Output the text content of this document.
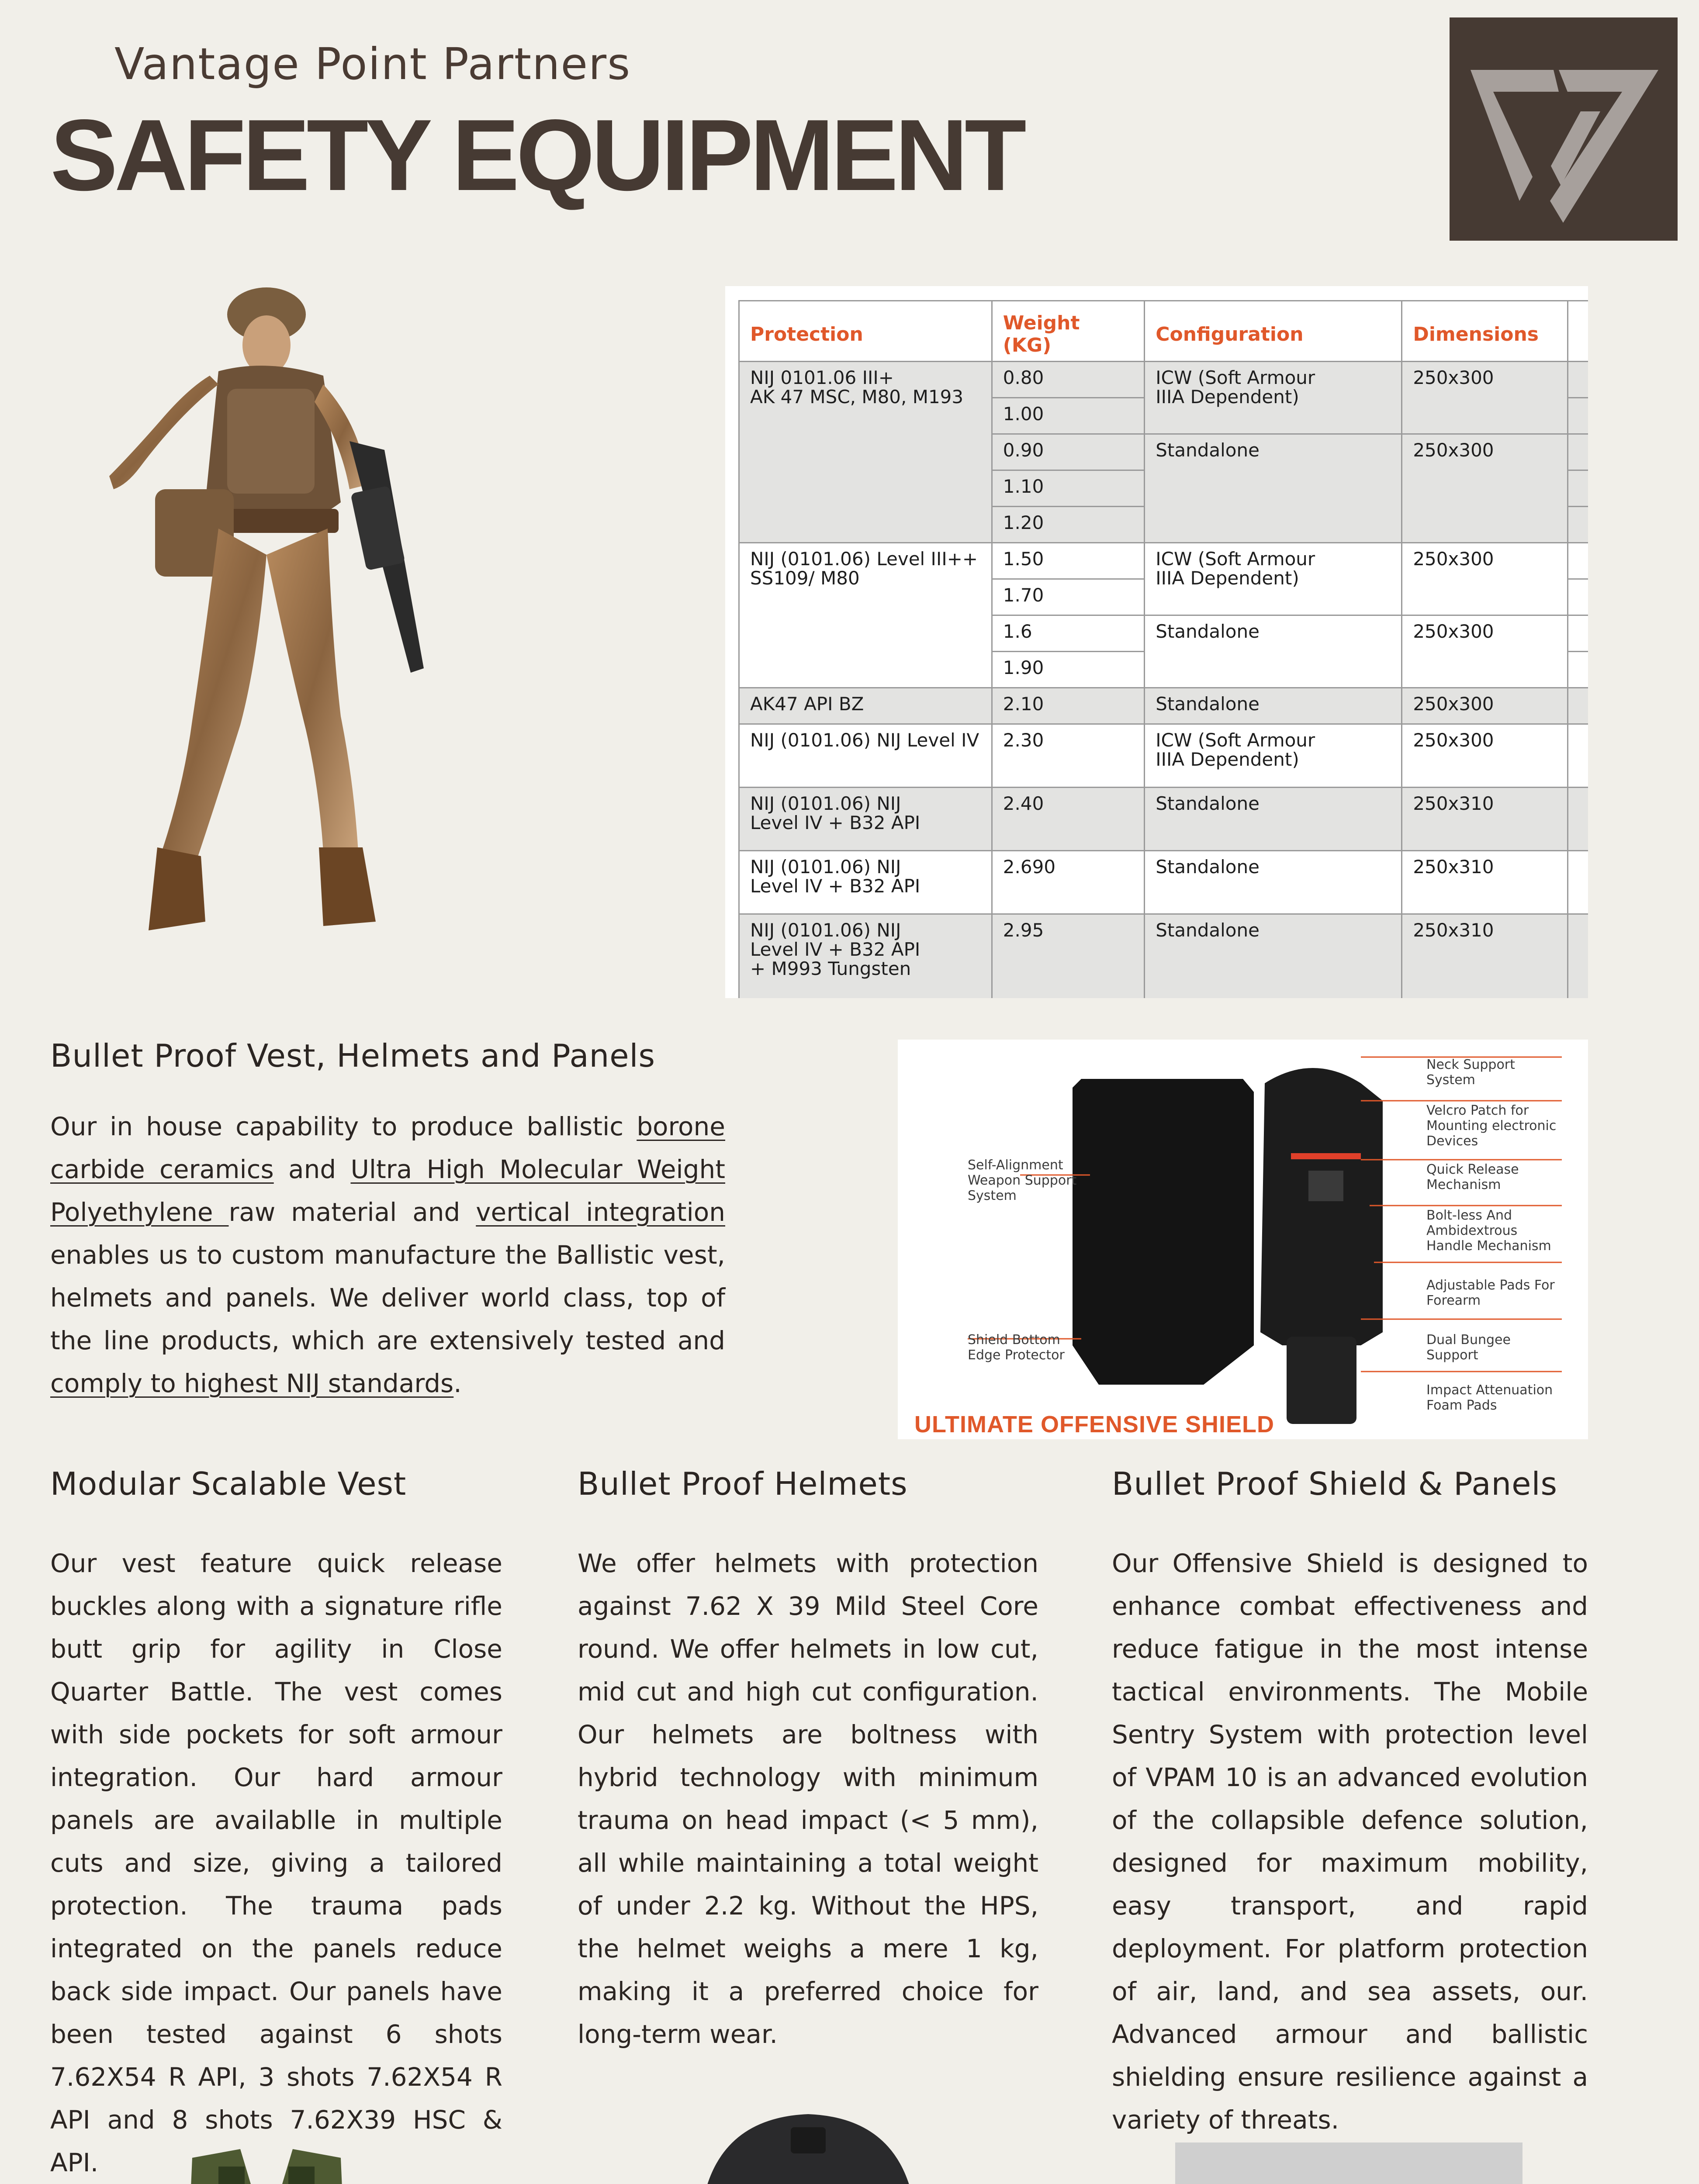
Vantage Point Partners
SAFETY EQUIPMENT
Protection	Weight (KG)	Configuration	Dimensions	
NIJ 0101.06 III+
AK 47 MSC, M80, M193	0.80	ICW (Soft Armour
IIIA Dependent)	250x300	
	1.00			
	0.90	Standalone	250x300	
	1.10			
	1.20			
NIJ (0101.06) Level III++
SS109/ M80	1.50	ICW (Soft Armour
IIIA Dependent)	250x300	
	1.70			
	1.6	Standalone	250x300	
	1.90			
AK47 API BZ	2.10	Standalone	250x300	
NIJ (0101.06) NIJ Level IV	2.30	ICW (Soft Armour
IIIA Dependent)	250x300	
NIJ (0101.06) NIJ
Level IV + B32 API	2.40	Standalone	250x310	
NIJ (0101.06) NIJ
Level IV + B32 API	2.690	Standalone	250x310	
NIJ (0101.06) NIJ
Level IV + B32 API
+ M993 Tungsten	2.95	Standalone	250x310	
Bullet Proof Vest, Helmets and Panels
Our in house capability to produce ballistic borone carbide ceramics and Ultra High Molecular Weight Polyethylene raw material and vertical integration enables us to custom manufacture the Ballistic vest, helmets and panels. We deliver world class, top of the line products, which are extensively tested and comply to highest NIJ standards.
Self-Alignment
Weapon Support
System
Shield Bottom
Edge Protector
Neck Support
System
Velcro Patch for
Mounting electronic
Devices
Quick Release
Mechanism
Bolt-less And
Ambidextrous
Handle Mechanism
Adjustable Pads For
Forearm
Dual Bungee
Support
Impact Attenuation
Foam Pads
ULTIMATE OFFENSIVE SHIELD
Modular Scalable Vest
Our vest feature quick release buckles along with a signature rifle butt grip for agility in Close Quarter Battle. The vest comes with side pockets for soft armour integration. Our hard armour panels are availablle in multiple cuts and size, giving a tailored protection. The trauma pads integrated on the panels reduce back side impact. Our panels have been tested against 6 shots 7.62X54 R API, 3 shots 7.62X54 R API and 8 shots 7.62X39 HSC & API.
Bullet Proof Helmets
We offer helmets with protection against 7.62 X 39 Mild Steel Core round. We offer helmets in low cut, mid cut and high cut configuration. Our helmets are boltness with hybrid technology with minimum trauma on head impact (< 5 mm), all while maintaining a total weight of under 2.2 kg. Without the HPS, the helmet weighs a mere 1 kg, making it a preferred choice for long-term wear.
Bullet Proof Shield & Panels
Our Offensive Shield is designed to enhance combat effectiveness and reduce fatigue in the most intense tactical environments. The Mobile Sentry System with protection level of VPAM 10 is an advanced evolution of the collapsible defence solution, designed for maximum mobility, easy transport, and rapid deployment. For platform protection of air, land, and sea assets, our. Advanced armour and ballistic shielding ensure resilience against a variety of threats.
